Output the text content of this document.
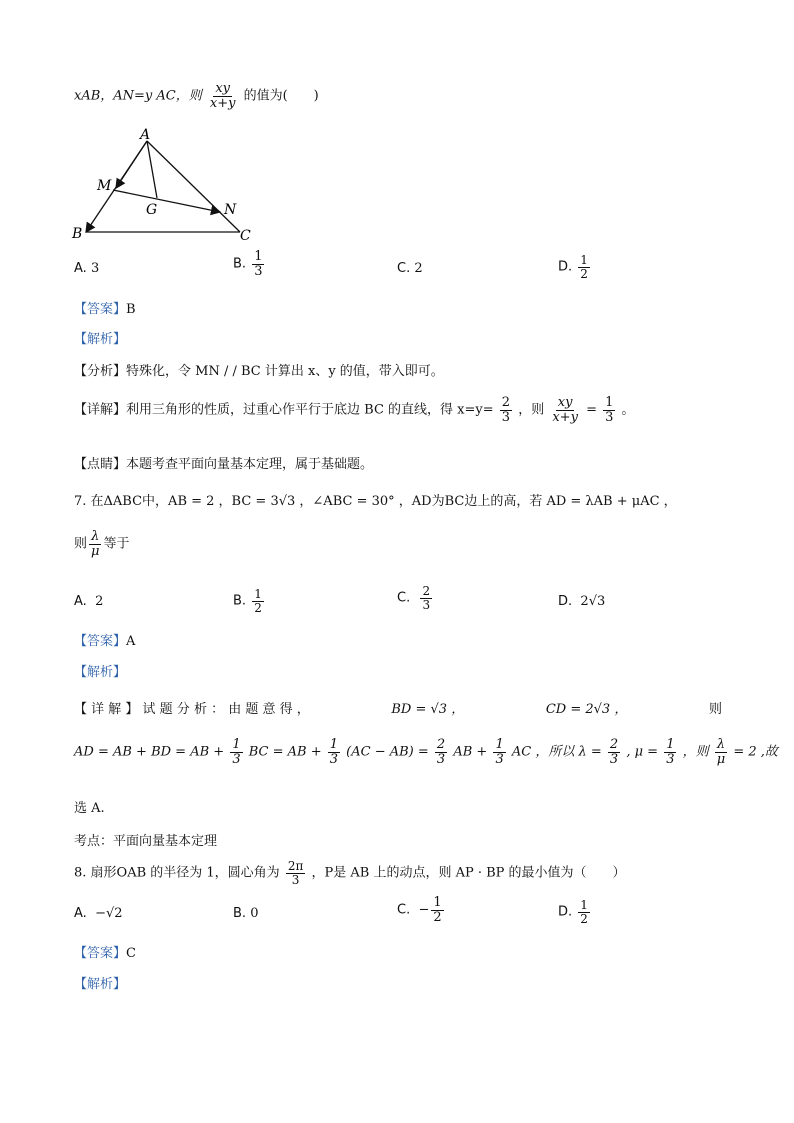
xAB，AN=y AC，则 $\frac{xy}{x+y}$ 的值为(　　)
A
M
G	N
B	C
A. 3	B. $\frac{1}{3}$	C. 2	D. $\frac{1}{2}$
【答案】B
【解析】
【分析】特殊化，令 MN / / BC 计算出 x、y 的值，带入即可。
【详解】利用三角形的性质，过重心作平行于底边 BC 的直线，得 $x=y= \frac{2}{3}$ ，则 $\frac{xy}{x+y} = \frac{1}{3}$ 。
【点睛】本题考查平面向量基本定理，属于基础题。
7. 在ΔABC中，AB = 2 ，BC = 3√3 ，∠ABC = 30° ，AD为BC边上的高，若 AD = λAB + μAC ，
则 $\frac{\lambda}{\mu}$ 等于
A. 2	B. $\frac{1}{2}$	C. $\frac{2}{3}$	D. 2√3
【答案】A
【解析】
【 详 解 】 试 题 分 析 ： 由 题 意 得 ，	BD = √3 ，	CD = 2√3 ，	则
AD = AB + BD = AB + $\frac{1}{3}$ BC = AB + $\frac{1}{3} (AC - AB) = \frac{2}{3}$ AB + $\frac{1}{3}$ AC ，所以 $\lambda = \frac{2}{3}$ , $\mu = \frac{1}{3}$ ，则 $\frac{\lambda}{\mu} = 2$ ,故
选 A.
考点：平面向量基本定理
8. 扇形OAB 的半径为 1，圆心角为 $\frac{2\pi}{3}$ ，P是 AB 上的动点，则 AP · BP 的最小值为（　　）
A. −√2	B. 0	C. − $\frac{1}{2}$	D. $\frac{1}{2}$
【答案】C
【解析】
